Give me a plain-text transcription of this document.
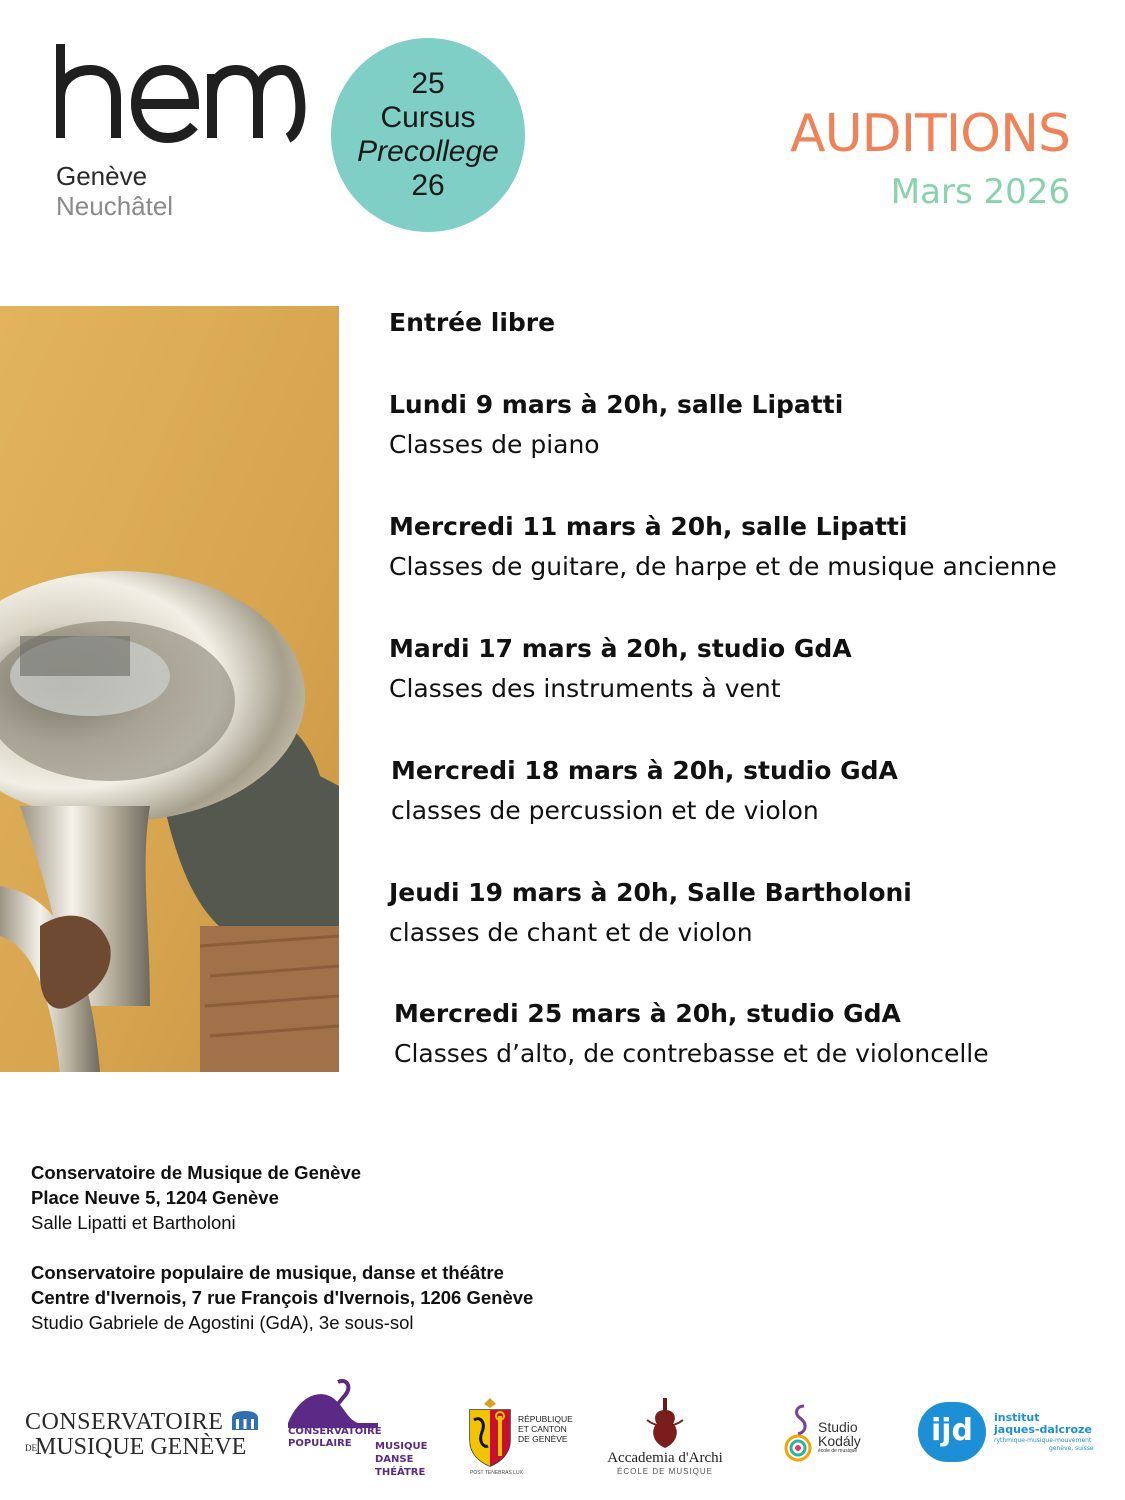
Genève
Neuchâtel
25
Cursus
Precollege
26
AUDITIONS
Mars 2026
Entrée libre
Lundi 9 mars à 20h, salle Lipatti
Classes de piano
Mercredi 11 mars à 20h, salle Lipatti
Classes de guitare, de harpe et de musique ancienne
Mardi 17 mars à 20h, studio GdA
Classes des instruments à vent
Mercredi 18 mars à 20h, studio GdA
classes de percussion et de violon
Jeudi 19 mars à 20h, Salle Bartholoni
classes de chant et de violon
Mercredi 25 mars à 20h, studio GdA
Classes d’alto, de contrebasse et de violoncelle
Conservatoire de Musique de Genève
Place Neuve 5, 1204 Genève
Salle Lipatti et Bartholoni
Conservatoire populaire de musique, danse et théâtre
Centre d'Ivernois, 7 rue François d'Ivernois, 1206 Genève
Studio Gabriele de Agostini (GdA), 3e sous-sol
CONSERVATOIRE
DEMUSIQUE GENÈVE
CONSERVATOIRE
POPULAIRE	MUSIQUE
DANSE
THÉÂTRE
RÉPUBLIQUE
ET CANTON
DE GENÈVE
POST TENEBRAS LUX
Accademia d'Archi
ÉCOLE DE MUSIQUE
Studio
Kodály
école de musique
ijd	institut
jaques-dalcroze
rythmique-musique-mouvement
genève, suisse
